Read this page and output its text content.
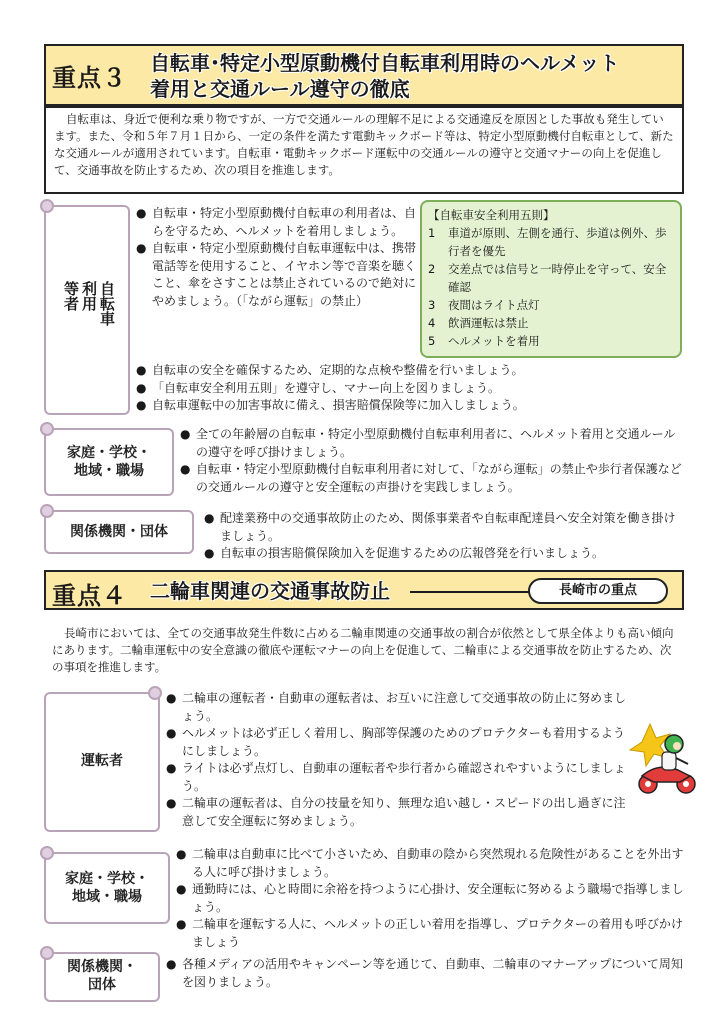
重点３
自転車･特定小型原動機付自転車利用時のヘルメット
着用と交通ルール遵守の徹底
自転車は、身近で便利な乗り物ですが、一方で交通ルールの理解不足による交通違反を原因とした事故も発生しています。また、令和５年７月１日から、一定の条件を満たす電動キックボード等は、特定小型原動機付自転車として、新たな交通ルールが適用されています。自転車・電動キックボード運転中の交通ルールの遵守と交通マナーの向上を促進して、交通事故を防止するため、次の項目を推進します。
自転車
利用
等者
● 自転車・特定小型原動機付自転車の利用者は、自らを守るため、ヘルメットを着用しましょう。
● 自転車・特定小型原動機付自転車運転中は、携帯電話等を使用すること、イヤホン等で音楽を聴くこと、傘をさすことは禁止されているので絶対にやめましょう。（「ながら運転」の禁止）
【自転車安全利用五則】
1 車道が原則、左側を通行、歩道は例外、歩行者を優先
2 交差点では信号と一時停止を守って、安全確認
3 夜間はライト点灯
4 飲酒運転は禁止
5 ヘルメットを着用
● 自転車の安全を確保するため、定期的な点検や整備を行いましょう。
● 「自転車安全利用五則」を遵守し、マナー向上を図りましょう。
● 自転車運転中の加害事故に備え、損害賠償保険等に加入しましょう。
家庭・学校・
地域・職場
● 全ての年齢層の自転車・特定小型原動機付自転車利用者に、ヘルメット着用と交通ルールの遵守を呼び掛けましょう。
● 自転車・特定小型原動機付自転車利用者に対して、「ながら運転」の禁止や歩行者保護などの交通ルールの遵守と安全運転の声掛けを実践しましょう。
関係機関・団体
● 配達業務中の交通事故防止のため、関係事業者や自転車配達員へ安全対策を働き掛けましょう。
● 自転車の損害賠償保険加入を促進するための広報啓発を行いましょう。
重点４ 二輪車関連の交通事故防止	長崎市の重点
長崎市においては、全ての交通事故発生件数に占める二輪車関連の交通事故の割合が依然として県全体よりも高い傾向にあります。二輪車運転中の安全意識の徹底や運転マナーの向上を促進して、二輪車による交通事故を防止するため、次の事項を推進します。
運転者
● 二輪車の運転者・自動車の運転者は、お互いに注意して交通事故の防止に努めましょう。
● ヘルメットは必ず正しく着用し、胸部等保護のためのプロテクターも着用するようにしましょう。
● ライトは必ず点灯し、自動車の運転者や歩行者から確認されやすいようにしましょう。
● 二輪車の運転者は、自分の技量を知り、無理な追い越し・スピードの出し過ぎに注意して安全運転に努めましょう。
家庭・学校・
地域・職場
● 二輪車は自動車に比べて小さいため、自動車の陰から突然現れる危険性があることを外出する人に呼び掛けましょう。
● 通勤時には、心と時間に余裕を持つように心掛け、安全運転に努めるよう職場で指導しましょう。
● 二輪車を運転する人に、ヘルメットの正しい着用を指導し、プロテクターの着用も呼びかけましょう
関係機関・
団体
● 各種メディアの活用やキャンペーン等を通じて、自動車、二輪車のマナーアップについて周知を図りましょう。
